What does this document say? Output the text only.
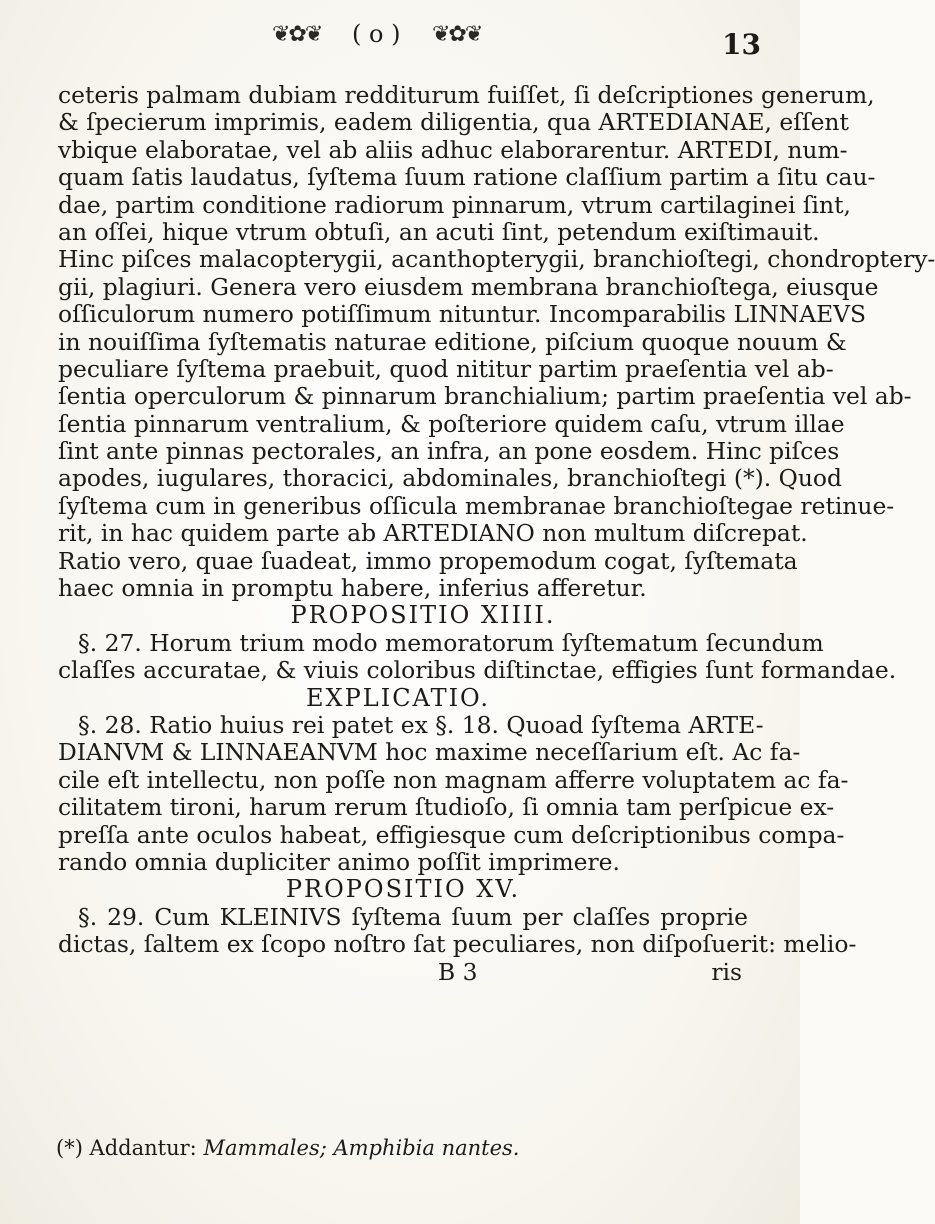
❦✿❦ ( o ) ❦✿❦	13
ceteris palmam dubiam redditurum fuiſſet, ſi deſcriptiones generum,
& ſpecierum imprimis, eadem diligentia, qua ARTEDIANAE, eſſent
vbique elaboratae, vel ab aliis adhuc elaborarentur. ARTEDI, num-
quam ſatis laudatus, ſyſtema ſuum ratione claſſium partim a ſitu cau-
dae, partim conditione radiorum pinnarum, vtrum cartilaginei ſint,
an oſſei, hique vtrum obtuſi, an acuti ſint, petendum exiſtimauit.
Hinc piſces malacopterygii, acanthopterygii, branchioſtegi, chondroptery-
gii, plagiuri. Genera vero eiusdem membrana branchioſtega, eiusque
oſſiculorum numero potiſſimum nituntur. Incomparabilis LINNAEVS
in nouiſſima ſyſtematis naturae editione, piſcium quoque nouum &
peculiare ſyſtema praebuit, quod nititur partim praeſentia vel ab-
ſentia operculorum & pinnarum branchialium; partim praeſentia vel ab-
ſentia pinnarum ventralium, & poſteriore quidem caſu, vtrum illae
ſint ante pinnas pectorales, an infra, an pone eosdem. Hinc piſces
apodes, iugulares, thoracici, abdominales, branchioſtegi (*). Quod
ſyſtema cum in generibus oſſicula membranae branchioſtegae retinue-
rit, in hac quidem parte ab ARTEDIANO non multum diſcrepat.
Ratio vero, quae ſuadeat, immo propemodum cogat, ſyſtemata
haec omnia in promptu habere, inferius afferetur.
PROPOSITIO XIIII.
§. 27. Horum trium modo memoratorum ſyſtematum ſecundum
claſſes accuratae, & viuis coloribus diſtinctae, effigies ſunt formandae.
EXPLICATIO.
§. 28. Ratio huius rei patet ex §. 18. Quoad ſyſtema ARTE-
DIANVM & LINNAEANVM hoc maxime neceſſarium eſt. Ac fa-
cile eſt intellectu, non poſſe non magnam afferre voluptatem ac fa-
cilitatem tironi, harum rerum ſtudioſo, ſi omnia tam perſpicue ex-
preſſa ante oculos habeat, effigiesque cum deſcriptionibus compa-
rando omnia dupliciter animo poſſit imprimere.
PROPOSITIO XV.
§. 29. Cum KLEINIVS ſyſtema ſuum per claſſes proprie
dictas, ſaltem ex ſcopo noſtro ſat peculiares, non diſpoſuerit: melio-
B 3	ris
(*) Addantur: Mammales; Amphibia nantes.
